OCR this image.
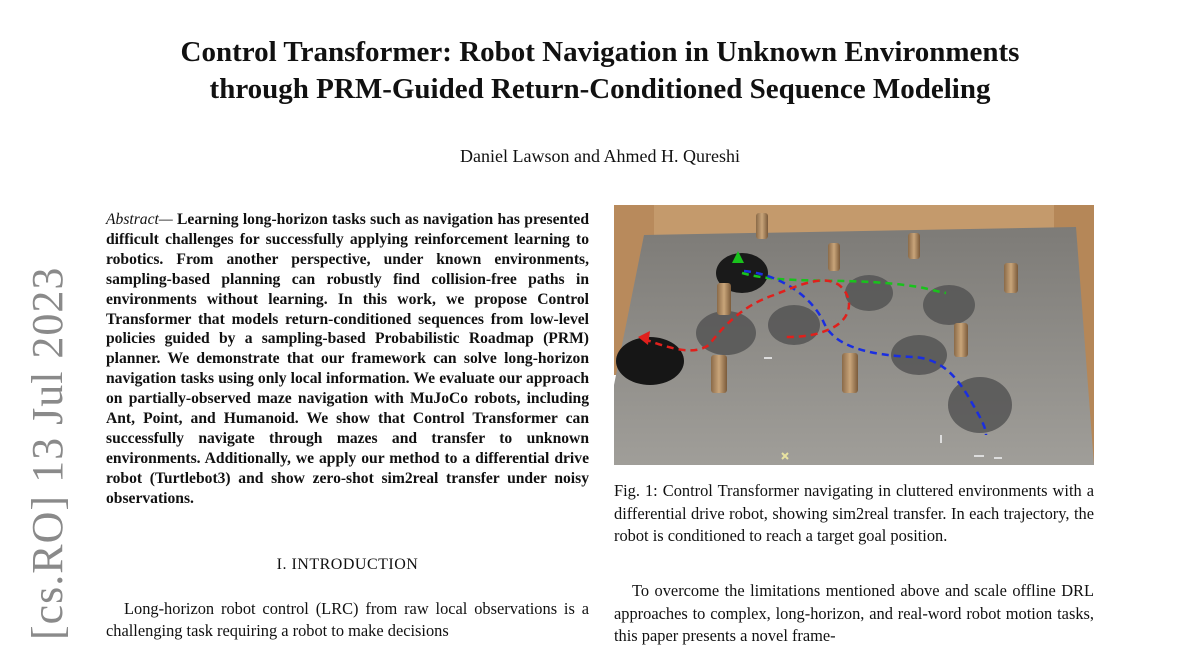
Control Transformer: Robot Navigation in Unknown Environments
through PRM-Guided Return-Conditioned Sequence Modeling
Daniel Lawson and Ahmed H. Qureshi
[cs.RO] 13 Jul 2023
Abstract— Learning long-horizon tasks such as navigation has presented difficult challenges for successfully applying reinforcement learning to robotics. From another perspective, under known environments, sampling-based planning can robustly find collision-free paths in environments without learning. In this work, we propose Control Transformer that models return-conditioned sequences from low-level policies guided by a sampling-based Probabilistic Roadmap (PRM) planner. We demonstrate that our framework can solve long-horizon navigation tasks using only local information. We evaluate our approach on partially-observed maze navigation with MuJoCo robots, including Ant, Point, and Humanoid. We show that Control Transformer can successfully navigate through mazes and transfer to unknown environments. Additionally, we apply our method to a differential drive robot (Turtlebot3) and show zero-shot sim2real transfer under noisy observations.
I. INTRODUCTION
Long-horizon robot control (LRC) from raw local observations is a challenging task requiring a robot to make decisions
Fig. 1: Control Transformer navigating in cluttered environments with a differential drive robot, showing sim2real transfer. In each trajectory, the robot is conditioned to reach a target goal position.
To overcome the limitations mentioned above and scale offline DRL approaches to complex, long-horizon, and real-word robot motion tasks, this paper presents a novel frame-
